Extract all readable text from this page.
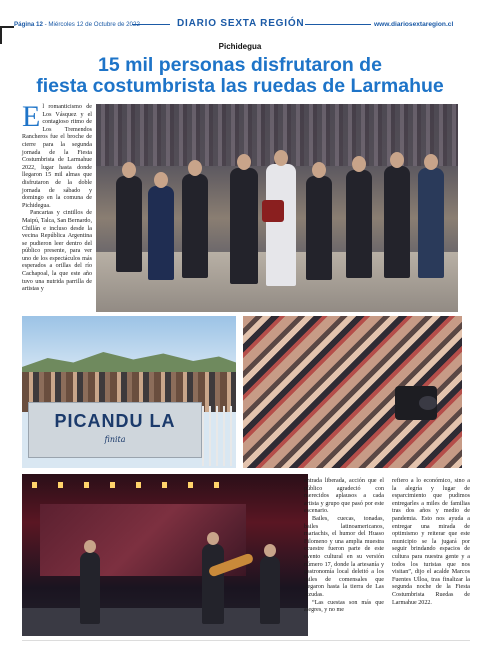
Página 12 - Miércoles 12 de Octubre de 2022	DIARIO SEXTA REGIÓN	www.diariosextaregion.cl
Pichidegua
15 mil personas disfrutaron de
fiesta costumbrista las ruedas de Larmahue

El romanticismo de Los Vásquez y el contagioso ritmo de Los Tremendos Rancheros fue el broche de cierre para la segunda jornada de la Fiesta Costumbrista de Larmahue 2022, lugar hasta donde llegaron 15 mil almas que disfrutaron de la doble jornada de sábado y domingo en la comuna de Pichidegua.

Pancartas y cintillos de Maipú, Talca, San Bernardo, Chillán e incluso desde la vecina República Argentina se pudieron leer dentro del público presente, para ver uno de los espectáculos más esperados a orillas del río Cachapoal, la que este año tuvo una nutrida parrilla de artistas y

PICANDU LA
finita

entrada liberada, acción que el público agradeció con merecidos aplausos a cada artista y grupo que pasó por este escenario.

Bailes, cuecas, tonadas, bailes latinoamericanos, mariachis, el humor del Huaso Filomeno y una amplia muestra ecuestre fueron parte de este evento cultural en su versión número 17, donde la artesanía y gastronomía local deleitó a los miles de comensales que llegaron hasta la tierra de Las Azudas.

“Las cuestas son más que alegres, y no me

refiero a lo económico, sino a la alegría y lugar de esparcimiento que pudimos entregarles a miles de familias tras dos años y medio de pandemia. Esto nos ayuda a entregar una mirada de optimismo y reiterar que este municipio se la jugará por seguir brindando espacios de cultura para nuestra gente y a todos los turistas que nos visitan”, dijo el acalde Marcos Fuentes Ulloa, tras finalizar la segunda noche de la Fiesta Costumbrista Ruedas de Larmahue 2022.
